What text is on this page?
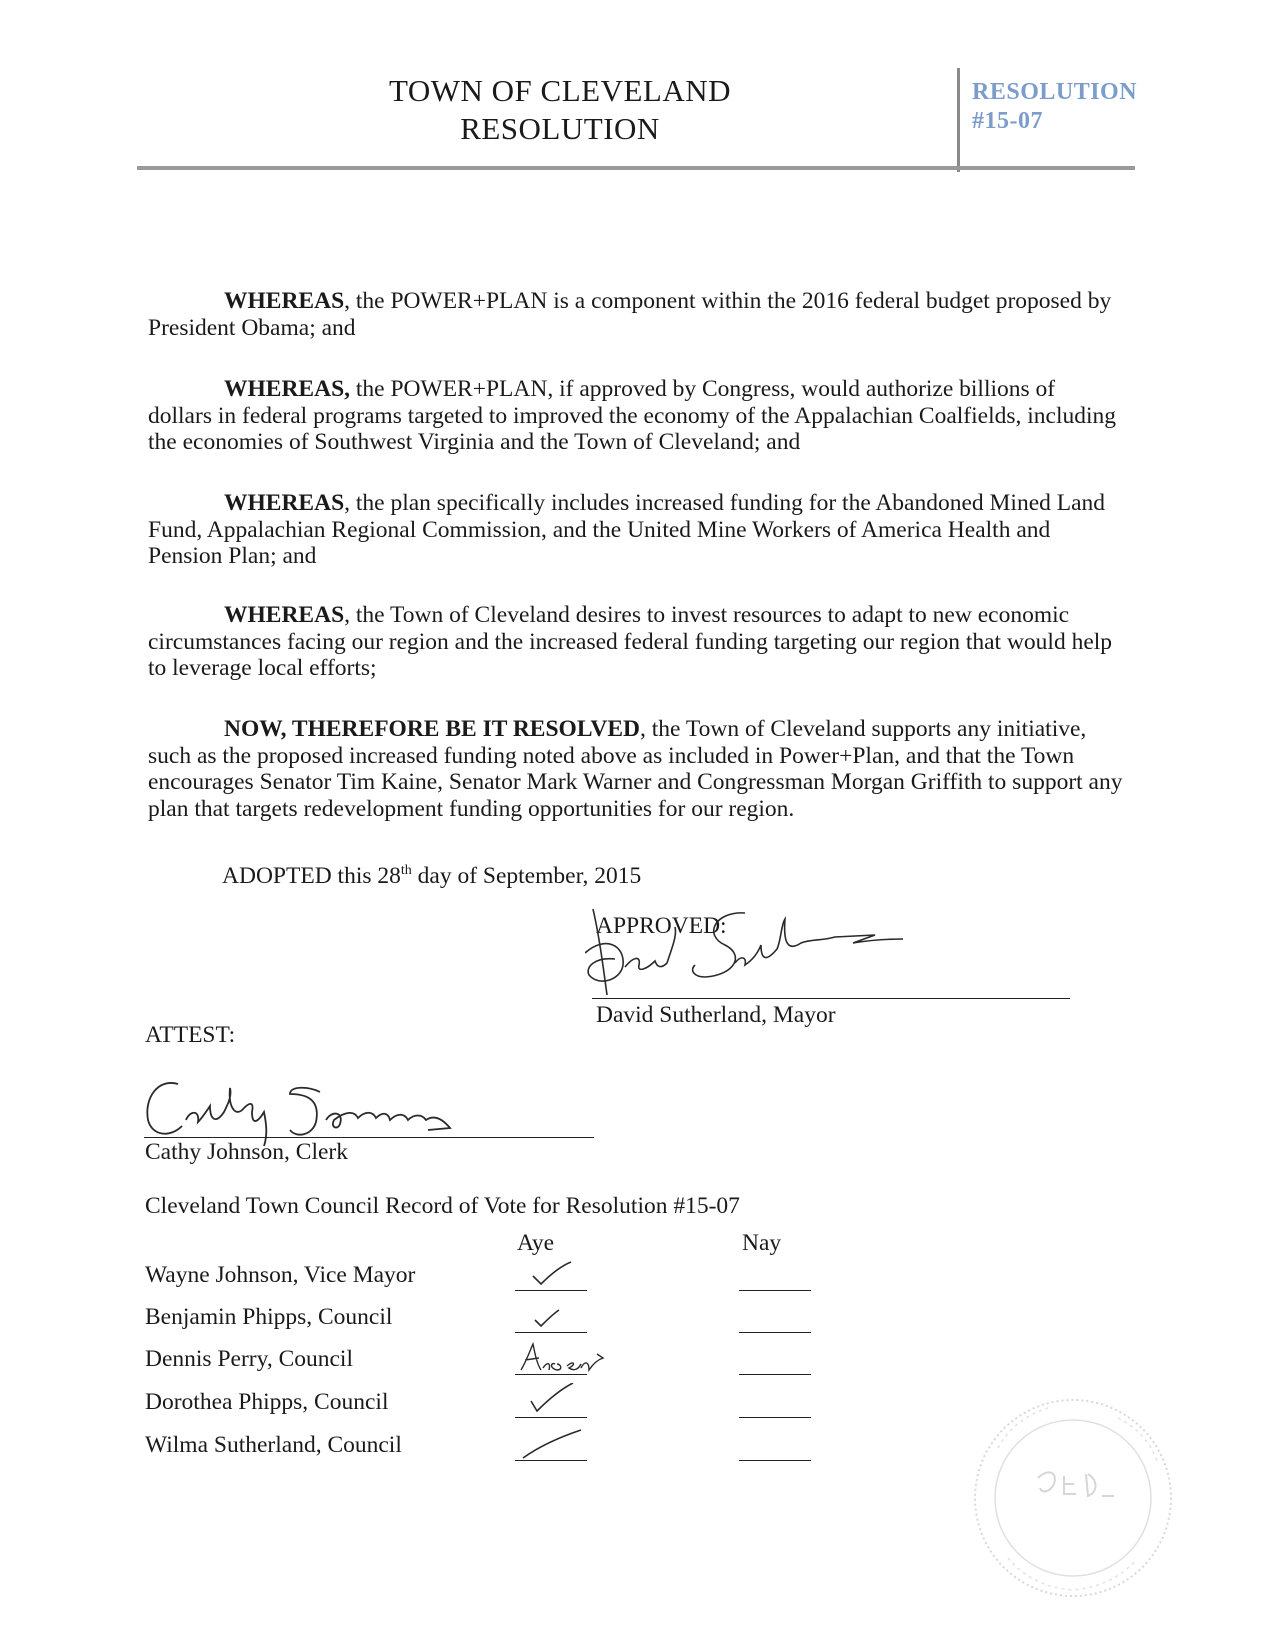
TOWN OF CLEVELAND
RESOLUTION
RESOLUTION
#15-07
WHEREAS, the POWER+PLAN is a component within the 2016 federal budget proposed by President Obama; and
WHEREAS, the POWER+PLAN, if approved by Congress, would authorize billions of dollars in federal programs targeted to improved the economy of the Appalachian Coalfields, including the economies of Southwest Virginia and the Town of Cleveland; and
WHEREAS, the plan specifically includes increased funding for the Abandoned Mined Land Fund, Appalachian Regional Commission, and the United Mine Workers of America Health and Pension Plan; and
WHEREAS, the Town of Cleveland desires to invest resources to adapt to new economic circumstances facing our region and the increased federal funding targeting our region that would help to leverage local efforts;
NOW, THEREFORE BE IT RESOLVED, the Town of Cleveland supports any initiative, such as the proposed increased funding noted above as included in Power+Plan, and that the Town encourages Senator Tim Kaine, Senator Mark Warner and Congressman Morgan Griffith to support any plan that targets redevelopment funding opportunities for our region.
ADOPTED this 28th day of September, 2015
APPROVED:
David Sutherland, Mayor
ATTEST:
Cathy Johnson, Clerk
Cleveland Town Council Record of Vote for Resolution #15-07
Aye	Nay
Wayne Johnson, Vice Mayor
Benjamin Phipps, Council
Dennis Perry, Council
Dorothea Phipps, Council
Wilma Sutherland, Council
